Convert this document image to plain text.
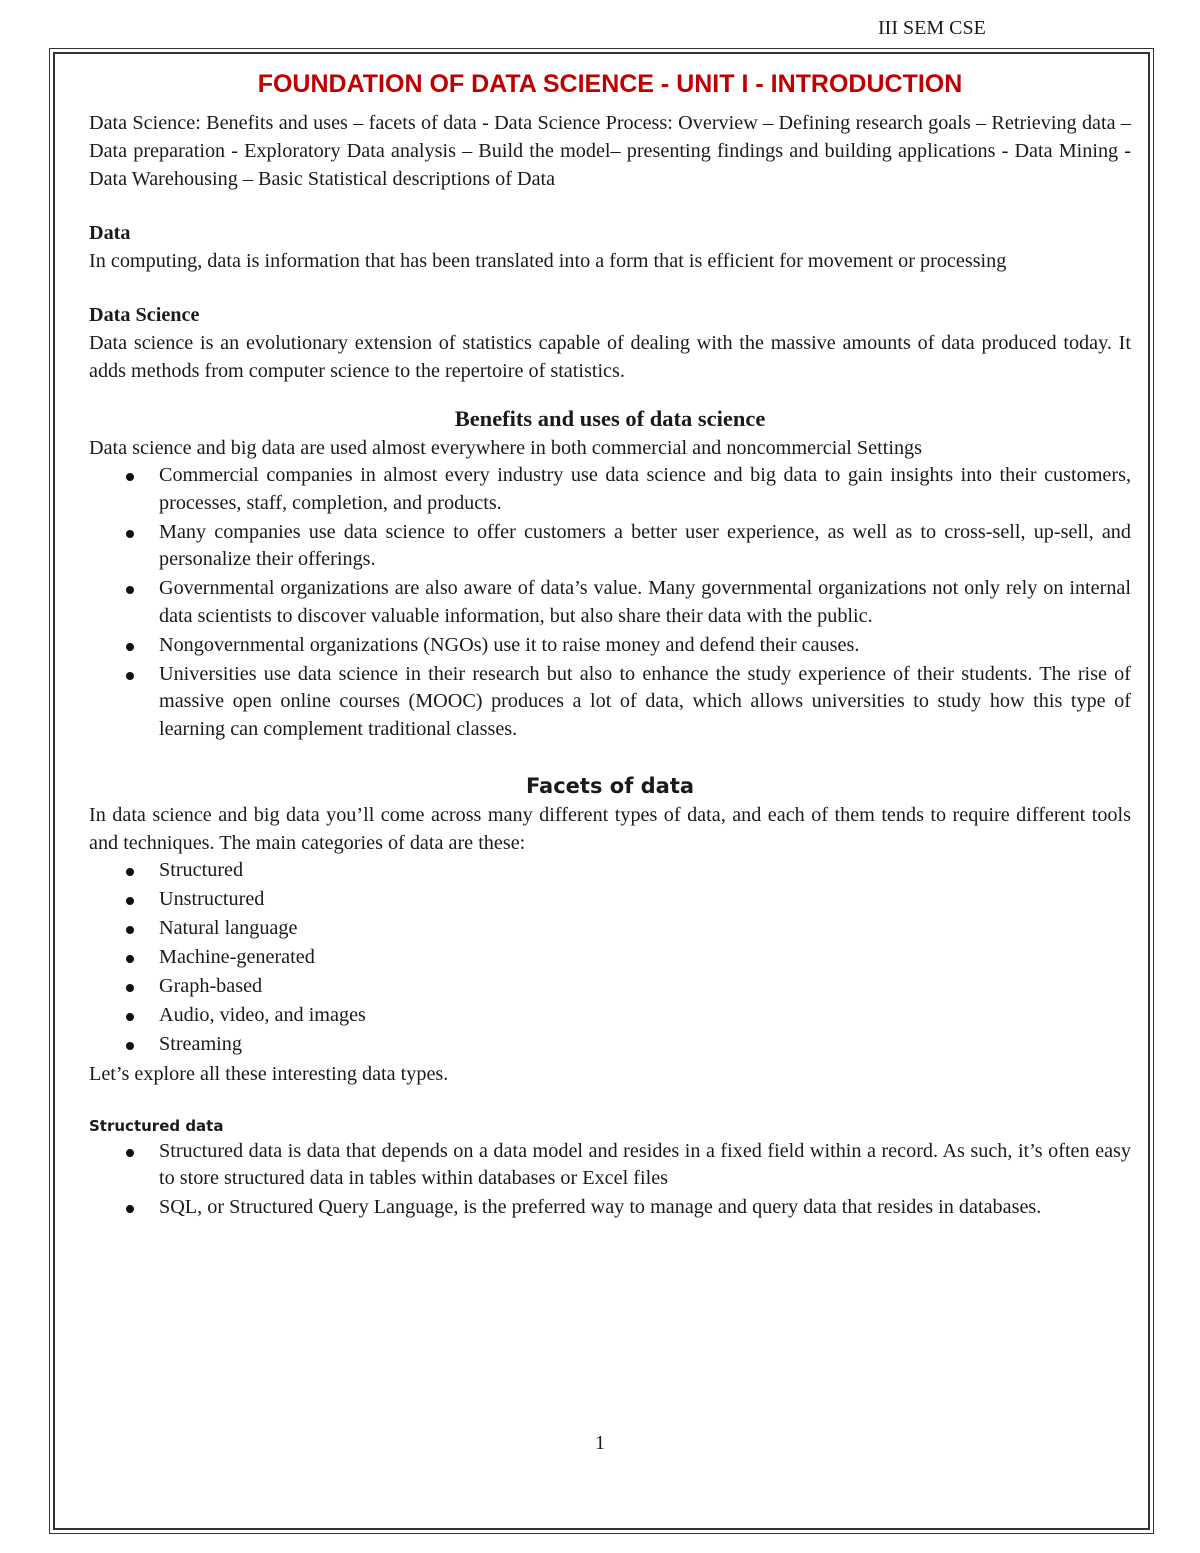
III SEM CSE
FOUNDATION OF DATA SCIENCE - UNIT I - INTRODUCTION

Data Science: Benefits and uses – facets of data - Data Science Process: Overview – Defining research goals – Retrieving data – Data preparation - Exploratory Data analysis – Build the model– presenting findings and building applications - Data Mining - Data Warehousing – Basic Statistical descriptions of Data

Data

In computing, data is information that has been translated into a form that is efficient for movement or processing

Data Science

Data science is an evolutionary extension of statistics capable of dealing with the massive amounts of data produced today. It adds methods from computer science to the repertoire of statistics.

Benefits and uses of data science

Data science and big data are used almost everywhere in both commercial and noncommercial Settings

Commercial companies in almost every industry use data science and big data to gain insights into their customers, processes, staff, completion, and products.
Many companies use data science to offer customers a better user experience, as well as to cross-sell, up-sell, and personalize their offerings.
Governmental organizations are also aware of data’s value. Many governmental organizations not only rely on internal data scientists to discover valuable information, but also share their data with the public.
Nongovernmental organizations (NGOs) use it to raise money and defend their causes.
Universities use data science in their research but also to enhance the study experience of their students. The rise of massive open online courses (MOOC) produces a lot of data, which allows universities to study how this type of learning can complement traditional classes.

Facets of data

In data science and big data you’ll come across many different types of data, and each of them tends to require different tools and techniques. The main categories of data are these:

Structured
Unstructured
Natural language
Machine-generated
Graph-based
Audio, video, and images
Streaming

Let’s explore all these interesting data types.

Structured data

Structured data is data that depends on a data model and resides in a fixed field within a record. As such, it’s often easy to store structured data in tables within databases or Excel files
SQL, or Structured Query Language, is the preferred way to manage and query data that resides in databases.
1
